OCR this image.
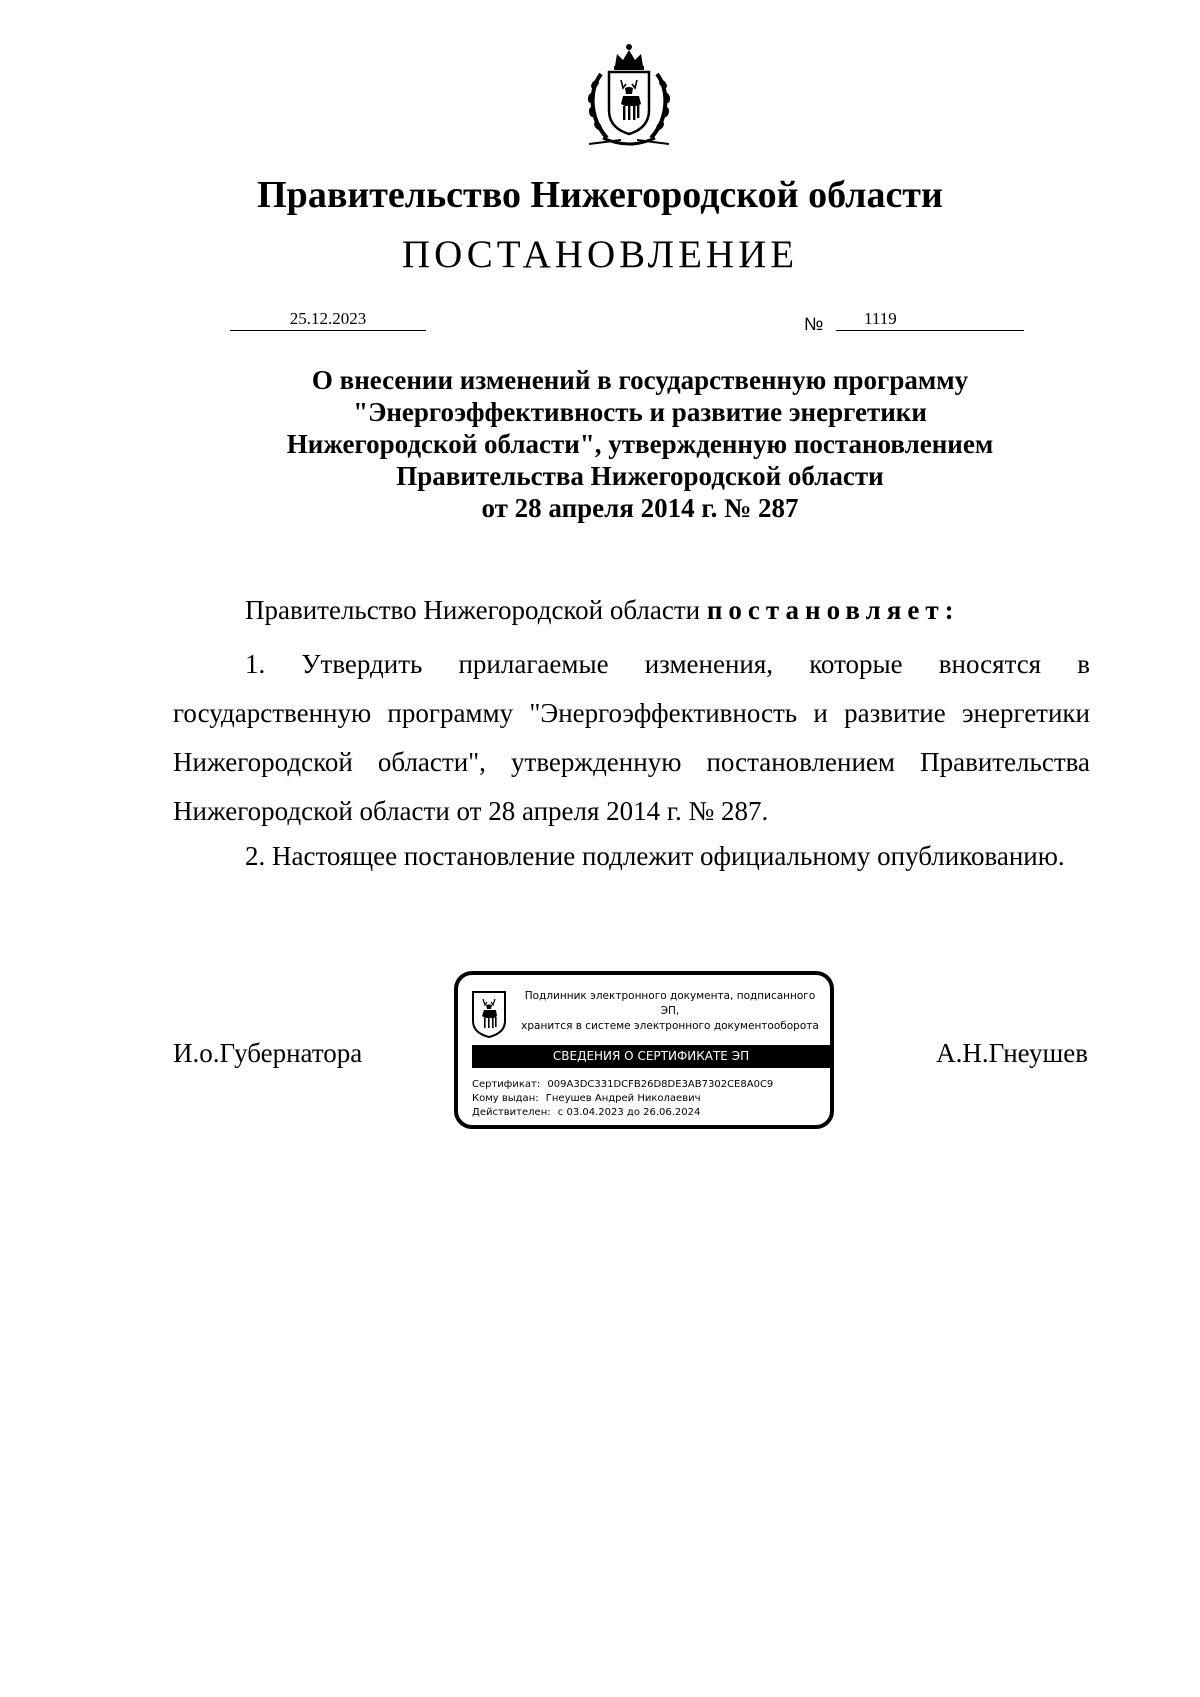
Правительство Нижегородской области
ПОСТАНОВЛЕНИЕ
25.12.2023	№	1119
О внесении изменений в государственную программу
"Энергоэффективность и развитие энергетики
Нижегородской области", утвержденную постановлением
Правительства Нижегородской области
от 28 апреля 2014 г. № 287
Правительство Нижегородской области постановляет:
1. Утвердить прилагаемые изменения, которые вносятся в государственную программу "Энергоэффективность и развитие энергетики Нижегородской области", утвержденную постановлением Правительства Нижегородской области от 28 апреля 2014 г. № 287.
2. Настоящее постановление подлежит официальному опубликованию.
И.о.Губернатора	А.Н.Гнеушев
Подлинник электронного документа, подписанного ЭП,
хранится в системе электронного документооборота
СВЕДЕНИЯ О СЕРТИФИКАТЕ ЭП
Сертификат: 009A3DC331DCFB26D8DE3AB7302CE8A0C9
Кому выдан: Гнеушев Андрей Николаевич
Действителен: с 03.04.2023 до 26.06.2024
